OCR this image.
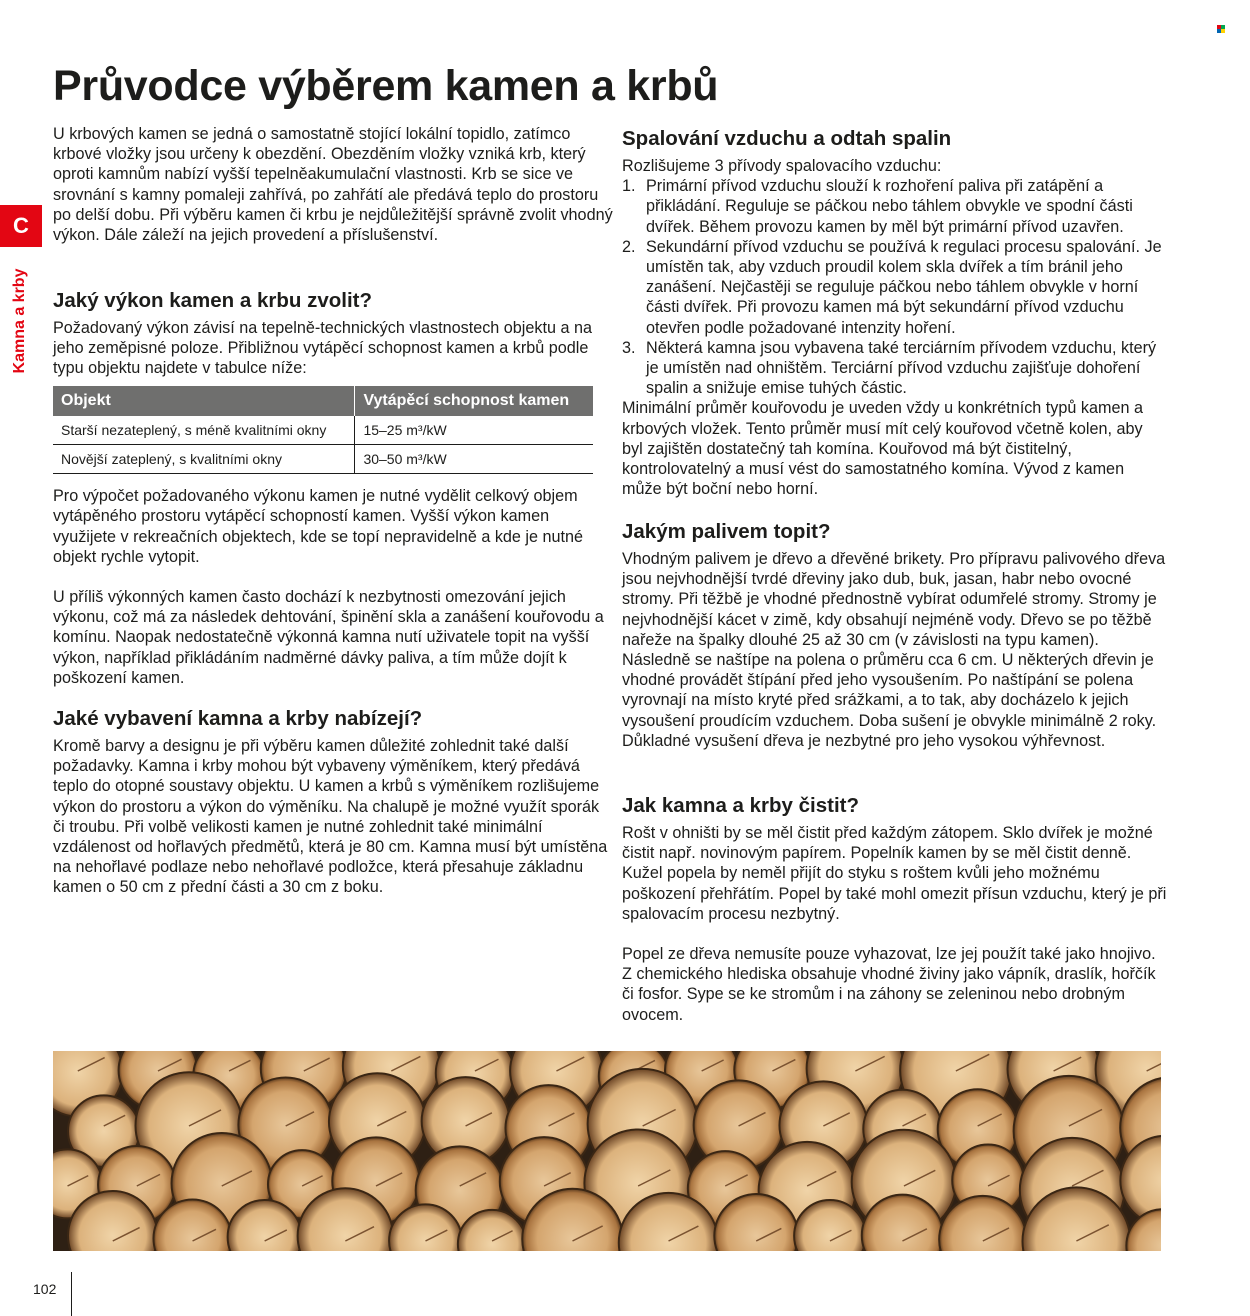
C
Kamna a krby
Průvodce výběrem kamen a krbů

U krbových kamen se jedná o samostatně stojící lokální topidlo, zatímco krbové vložky jsou určeny k obezdění. Obezděním vložky vzniká krb, který oproti kamnům nabízí vyšší tepelněakumulační vlastnosti. Krb se sice ve srovnání s kamny pomaleji zahřívá, po zahřátí ale předává teplo do prostoru po delší dobu. Při výběru kamen či krbu je nejdůležitější správně zvolit vhodný výkon. Dále záleží na jejich provedení a příslušenství.

Jaký výkon kamen a krbu zvolit?

Požadovaný výkon závisí na tepelně-technických vlastnostech objektu a na jeho zeměpisné poloze. Přibližnou vytápěcí schopnost kamen a krbů podle typu objektu najdete v tabulce níže:

Objekt	Vytápěcí schopnost kamen
Starší nezateplený, s méně kvalitními okny	15–25 m³/kW
Novější zateplený, s kvalitními okny	30–50 m³/kW

Pro výpočet požadovaného výkonu kamen je nutné vydělit celkový objem vytápěného prostoru vytápěcí schopností kamen. Vyšší výkon kamen využijete v rekreačních objektech, kde se topí nepravidelně a kde je nutné objekt rychle vytopit.

U příliš výkonných kamen často dochází k nezbytnosti omezování jejich výkonu, což má za následek dehtování, špinění skla a zanášení kouřovodu a komínu. Naopak nedostatečně výkonná kamna nutí uživatele topit na vyšší výkon, například přikládáním nadměrné dávky paliva, a tím může dojít k poškození kamen.

Jaké vybavení kamna a krby nabízejí?

Kromě barvy a designu je při výběru kamen důležité zohlednit také další požadavky. Kamna i krby mohou být vybaveny výměníkem, který předává teplo do otopné soustavy objektu. U kamen a krbů s výměníkem rozlišujeme výkon do prostoru a výkon do výměníku. Na chalupě je možné využít sporák či troubu. Při volbě velikosti kamen je nutné zohlednit také minimální vzdálenost od hořlavých předmětů, která je 80 cm. Kamna musí být umístěna na nehořlavé podlaze nebo nehořlavé podložce, která přesahuje základnu kamen o 50 cm z přední části a 30 cm z boku.

Spalování vzduchu a odtah spalin

Rozlišujeme 3 přívody spalovacího vzduchu:

1. Primární přívod vzduchu slouží k rozhoření paliva při zatápění a přikládání. Reguluje se páčkou nebo táhlem obvykle ve spodní části dvířek. Během provozu kamen by měl být primární přívod uzavřen.
2. Sekundární přívod vzduchu se používá k regulaci procesu spalování. Je umístěn tak, aby vzduch proudil kolem skla dvířek a tím bránil jeho zanášení. Nejčastěji se reguluje páčkou nebo táhlem obvykle v horní části dvířek. Při provozu kamen má být sekundární přívod vzduchu otevřen podle požadované intenzity hoření.
3. Některá kamna jsou vybavena také terciárním přívodem vzduchu, který je umístěn nad ohništěm. Terciární přívod vzduchu zajišťuje dohoření spalin a snižuje emise tuhých částic.

Minimální průměr kouřovodu je uveden vždy u konkrétních typů kamen a krbových vložek. Tento průměr musí mít celý kouřovod včetně kolen, aby byl zajištěn dostatečný tah komína. Kouřovod má být čistitelný, kontrolovatelný a musí vést do samostatného komína. Vývod z kamen může být boční nebo horní.

Jakým palivem topit?

Vhodným palivem je dřevo a dřevěné brikety. Pro přípravu palivového dřeva jsou nejvhodnější tvrdé dřeviny jako dub, buk, jasan, habr nebo ovocné stromy. Při těžbě je vhodné přednostně vybírat odumřelé stromy. Stromy je nejvhodnější kácet v zimě, kdy obsahují nejméně vody. Dřevo se po těžbě nařeže na špalky dlouhé 25 až 30 cm (v závislosti na typu kamen). Následně se naštípe na polena o průměru cca 6 cm. U některých dřevin je vhodné provádět štípání před jeho vysoušením. Po naštípání se polena vyrovnají na místo kryté před srážkami, a to tak, aby docházelo k jejich vysoušení proudícím vzduchem. Doba sušení je obvykle minimálně 2 roky. Důkladné vysušení dřeva je nezbytné pro jeho vysokou výhřevnost.

Jak kamna a krby čistit?

Rošt v ohništi by se měl čistit před každým zátopem. Sklo dvířek je možné čistit např. novinovým papírem. Popelník kamen by se měl čistit denně. Kužel popela by neměl přijít do styku s roštem kvůli jeho možnému poškození přehřátím. Popel by také mohl omezit přísun vzduchu, který je při spalovacím procesu nezbytný.

Popel ze dřeva nemusíte pouze vyhazovat, lze jej použít také jako hnojivo. Z chemického hlediska obsahuje vhodné živiny jako vápník, draslík, hořčík či fosfor. Sype se ke stromům i na záhony se zeleninou nebo drobným ovocem.

102
